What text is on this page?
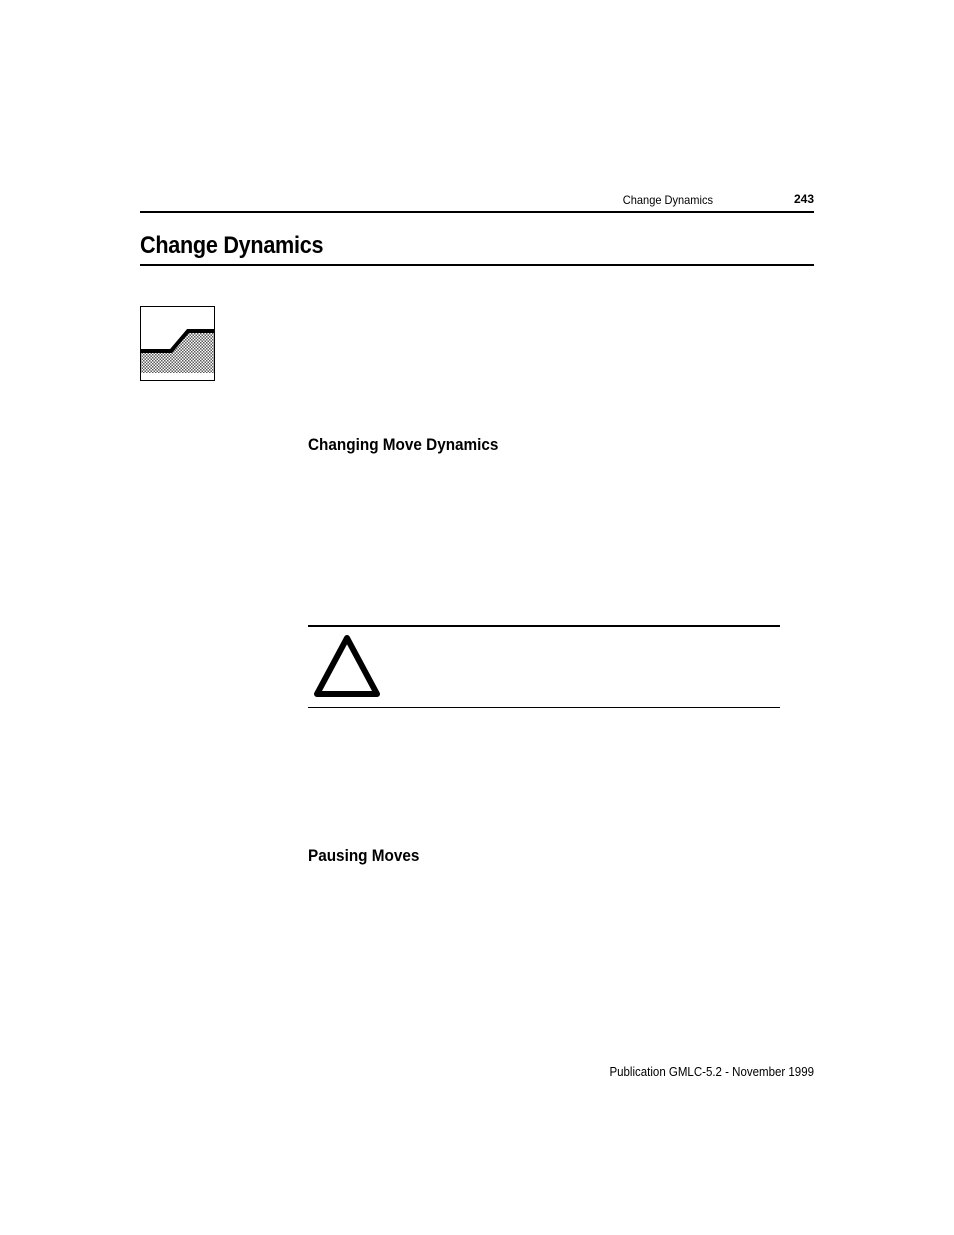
Change Dynamics	243
Change Dynamics
Changing Move Dynamics
Pausing Moves
Publication GMLC-5.2 - November 1999
